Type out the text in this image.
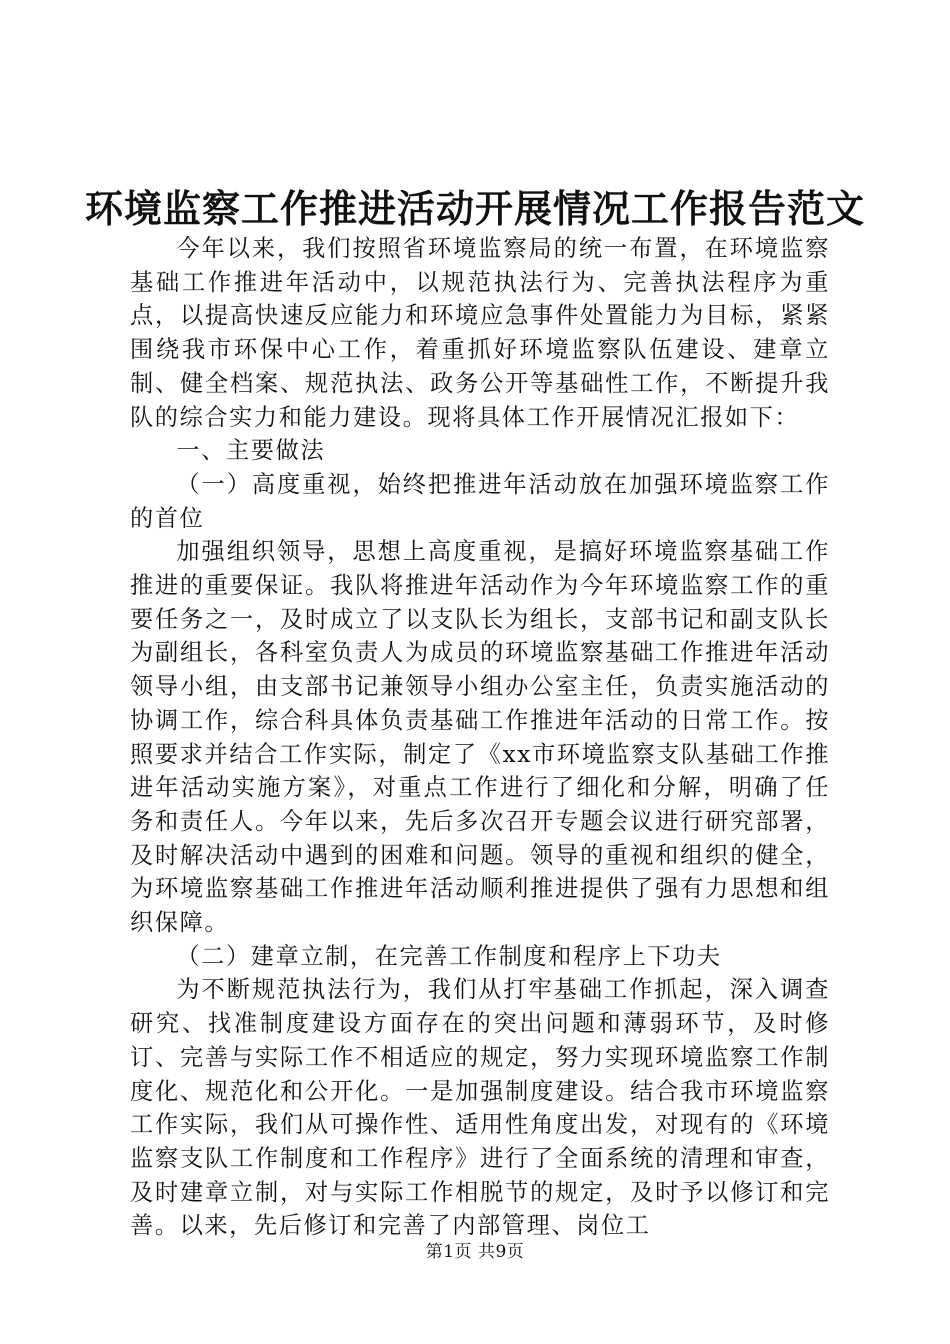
环境监察工作推进活动开展情况工作报告范文

今年以来，我们按照省环境监察局的统一布置，在环境监察基础工作推进年活动中，以规范执法行为、完善执法程序为重点，以提高快速反应能力和环境应急事件处置能力为目标，紧紧围绕我市环保中心工作，着重抓好环境监察队伍建设、建章立制、健全档案、规范执法、政务公开等基础性工作，不断提升我队的综合实力和能力建设。现将具体工作开展情况汇报如下：

一、主要做法

（一）高度重视，始终把推进年活动放在加强环境监察工作的首位

加强组织领导，思想上高度重视，是搞好环境监察基础工作推进的重要保证。我队将推进年活动作为今年环境监察工作的重要任务之一，及时成立了以支队长为组长，支部书记和副支队长为副组长，各科室负责人为成员的环境监察基础工作推进年活动领导小组，由支部书记兼领导小组办公室主任，负责实施活动的协调工作，综合科具体负责基础工作推进年活动的日常工作。按照要求并结合工作实际，制定了《xx市环境监察支队基础工作推进年活动实施方案》，对重点工作进行了细化和分解，明确了任务和责任人。今年以来，先后多次召开专题会议进行研究部署，及时解决活动中遇到的困难和问题。领导的重视和组织的健全，为环境监察基础工作推进年活动顺利推进提供了强有力思想和组织保障。

（二）建章立制，在完善工作制度和程序上下功夫

为不断规范执法行为，我们从打牢基础工作抓起，深入调查研究、找准制度建设方面存在的突出问题和薄弱环节，及时修订、完善与实际工作不相适应的规定，努力实现环境监察工作制度化、规范化和公开化。一是加强制度建设。结合我市环境监察工作实际，我们从可操作性、适用性角度出发，对现有的《环境监察支队工作制度和工作程序》进行了全面系统的清理和审查，及时建章立制，对与实际工作相脱节的规定，及时予以修订和完善。以来，先后修订和完善了内部管理、岗位工

第1页 共9页
